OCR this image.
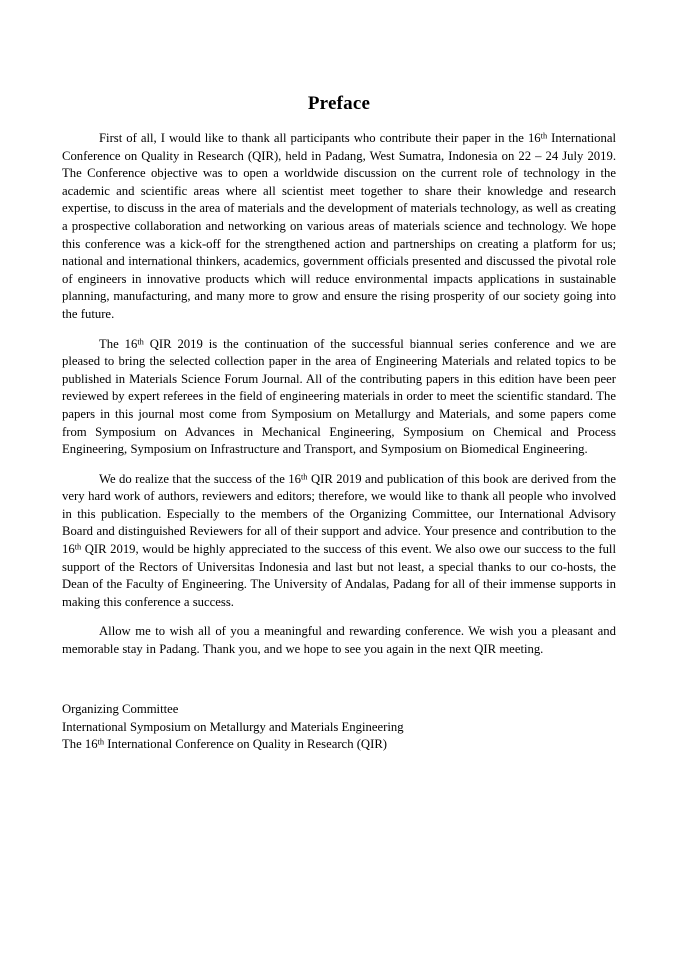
Preface

First of all, I would like to thank all participants who contribute their paper in the 16th International Conference on Quality in Research (QIR), held in Padang, West Sumatra, Indonesia on 22 – 24 July 2019. The Conference objective was to open a worldwide discussion on the current role of technology in the academic and scientific areas where all scientist meet together to share their knowledge and research expertise, to discuss in the area of materials and the development of materials technology, as well as creating a prospective collaboration and networking on various areas of materials science and technology. We hope this conference was a kick-off for the strengthened action and partnerships on creating a platform for us; national and international thinkers, academics, government officials presented and discussed the pivotal role of engineers in innovative products which will reduce environmental impacts applications in sustainable planning, manufacturing, and many more to grow and ensure the rising prosperity of our society going into the future.

The 16th QIR 2019 is the continuation of the successful biannual series conference and we are pleased to bring the selected collection paper in the area of Engineering Materials and related topics to be published in Materials Science Forum Journal. All of the contributing papers in this edition have been peer reviewed by expert referees in the field of engineering materials in order to meet the scientific standard. The papers in this journal most come from Symposium on Metallurgy and Materials, and some papers come from Symposium on Advances in Mechanical Engineering, Symposium on Chemical and Process Engineering, Symposium on Infrastructure and Transport, and Symposium on Biomedical Engineering.

We do realize that the success of the 16th QIR 2019 and publication of this book are derived from the very hard work of authors, reviewers and editors; therefore, we would like to thank all people who involved in this publication. Especially to the members of the Organizing Committee, our International Advisory Board and distinguished Reviewers for all of their support and advice. Your presence and contribution to the 16th QIR 2019, would be highly appreciated to the success of this event. We also owe our success to the full support of the Rectors of Universitas Indonesia and last but not least, a special thanks to our co-hosts, the Dean of the Faculty of Engineering. The University of Andalas, Padang for all of their immense supports in making this conference a success.

Allow me to wish all of you a meaningful and rewarding conference. We wish you a pleasant and memorable stay in Padang. Thank you, and we hope to see you again in the next QIR meeting.

Organizing Committee

International Symposium on Metallurgy and Materials Engineering

The 16th International Conference on Quality in Research (QIR)
